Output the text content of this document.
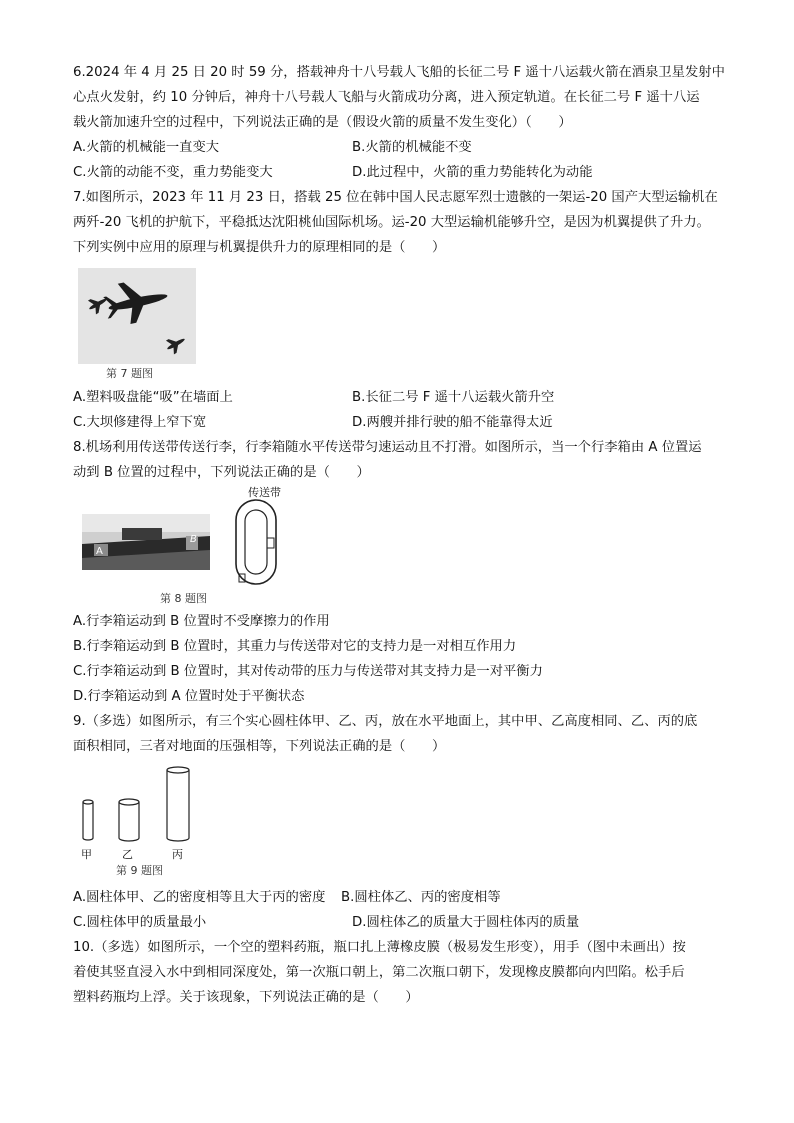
6.2024 年 4 月 25 日 20 时 59 分，搭载神舟十八号载人飞船的长征二号 F 遥十八运载火箭在酒泉卫星发射中
心点火发射，约 10 分钟后，神舟十八号载人飞船与火箭成功分离，进入预定轨道。在长征二号 F 遥十八运
载火箭加速升空的过程中，下列说法正确的是（假设火箭的质量不发生变化）（　　）
A.火箭的机械能一直变大	B.火箭的机械能不变
C.火箭的动能不变，重力势能变大	D.此过程中，火箭的重力势能转化为动能
7.如图所示，2023 年 11 月 23 日，搭载 25 位在韩中国人民志愿军烈士遗骸的一架运-20 国产大型运输机在
两歼-20 飞机的护航下，平稳抵达沈阳桃仙国际机场。运-20 大型运输机能够升空，是因为机翼提供了升力。
下列实例中应用的原理与机翼提供升力的原理相同的是（　　）
第 7 题图
A.塑料吸盘能“吸”在墙面上	B.长征二号 F 遥十八运载火箭升空
C.大坝修建得上窄下宽	D.两艘并排行驶的船不能靠得太近
8.机场利用传送带传送行李，行李箱随水平传送带匀速运动且不打滑。如图所示，当一个行李箱由 A 位置运
动到 B 位置的过程中，下列说法正确的是（　　）
A
B
传送带
第 8 题图
A.行李箱运动到 B 位置时不受摩擦力的作用
B.行李箱运动到 B 位置时，其重力与传送带对它的支持力是一对相互作用力
C.行李箱运动到 B 位置时，其对传动带的压力与传送带对其支持力是一对平衡力
D.行李箱运动到 A 位置时处于平衡状态
9.（多选）如图所示，有三个实心圆柱体甲、乙、丙，放在水平地面上，其中甲、乙高度相同、乙、丙的底
面积相同，三者对地面的压强相等，下列说法正确的是（　　）
甲	乙	丙
第 9 题图
A.圆柱体甲、乙的密度相等且大于丙的密度 B.圆柱体乙、丙的密度相等
C.圆柱体甲的质量最小	D.圆柱体乙的质量大于圆柱体丙的质量
10.（多选）如图所示，一个空的塑料药瓶，瓶口扎上薄橡皮膜（极易发生形变），用手（图中未画出）按
着使其竖直浸入水中到相同深度处，第一次瓶口朝上，第二次瓶口朝下，发现橡皮膜都向内凹陷。松手后
塑料药瓶均上浮。关于该现象，下列说法正确的是（　　）
